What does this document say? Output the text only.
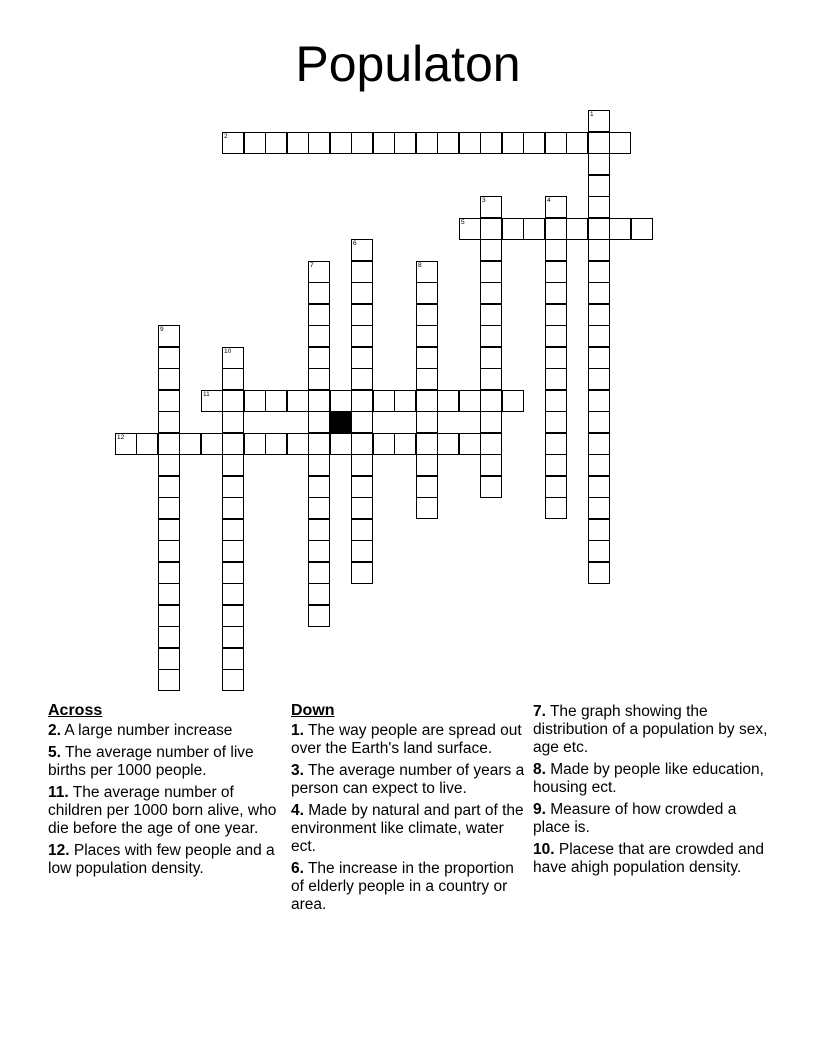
Populaton
1
2
3	4
5
6
7	8
9
10
11
12
Across
2. A large number increase
5. The average number of live births per 1000 people.
11. The average number of children per 1000 born alive, who die before the age of one year.
12. Places with few people and a low population density.
Down
1. The way people are spread out over the Earth's land surface.
3. The average number of years a person can expect to live.
4. Made by natural and part of the environment like climate, water ect.
6. The increase in the proportion of elderly people in a country or area.
7. The graph showing the distribution of a population by sex, age etc.
8. Made by people like education, housing ect.
9. Measure of how crowded a place is.
10. Placese that are crowded and have ahigh population density.
